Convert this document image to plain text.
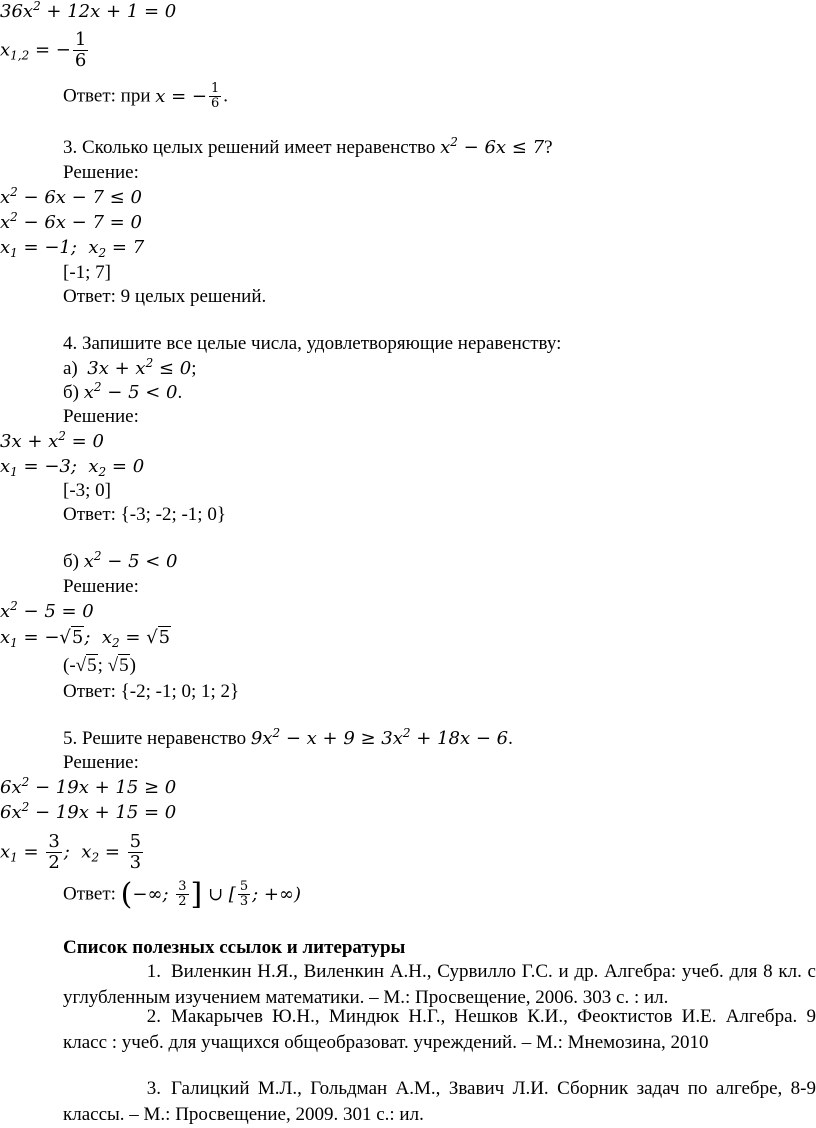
$36x^2 + 12x + 1 = 0$
$x_{1,2}$ = − $\frac{1}{6}$
Ответ: при x = − $\frac{1}{6}$ .
3. Сколько целых решений имеет неравенство $x^2 - 6x \le 7$?
Решение:
$x^2 - 6x - 7 \le 0$
$x^2 - 6x - 7 = 0$
$x_1 = -1$;  $x_2 = 7$
[-1; 7]
Ответ: 9 целых решений.
4. Запишите все целые числа, удовлетворяющие неравенству:
а)  $3x + x^2 \le 0$;
б) $x^2 - 5 < 0$.
Решение:
$3x + x^2 = 0$
$x_1 = -3$;  $x_2 = 0$
[-3; 0]
Ответ: {-3; -2; -1; 0}
б) $x^2 - 5 < 0$
Решение:
$x^2 - 5 = 0$
$x_1 = -√5$;  $x_2 = √5$
(-√5; √5)
Ответ: {-2; -1; 0; 1; 2}
5. Решите неравенство $9x^2 - x + 9 \ge 3x^2 + 18x - 6$.
Решение:
$6x^2 - 19x + 15 \ge 0$
$6x^2 - 19x + 15 = 0$
$x_1 = \frac{3}{2}$ ;  $x_2 = \frac{5}{3}$
Ответ: (−∞; $\frac{3}{2}$ ] ∪ [ $\frac{5}{3}$ ; +∞)
Список полезных ссылок и литературы
1. Виленкин Н.Я., Виленкин А.Н., Сурвилло Г.С. и др. Алгебра: учеб. для 8 кл. с углубленным изучением математики. – М.: Просвещение, 2006. 303 с. : ил.
2. Макарычев Ю.Н., Миндюк Н.Г., Нешков К.И., Феоктистов И.Е. Алгебра. 9 класс : учеб. для учащихся общеобразоват. учреждений. – М.: Мнемозина, 2010
3. Галицкий М.Л., Гольдман А.М., Звавич Л.И. Сборник задач по алгебре, 8-9 классы. – М.: Просвещение, 2009. 301 с.: ил.
